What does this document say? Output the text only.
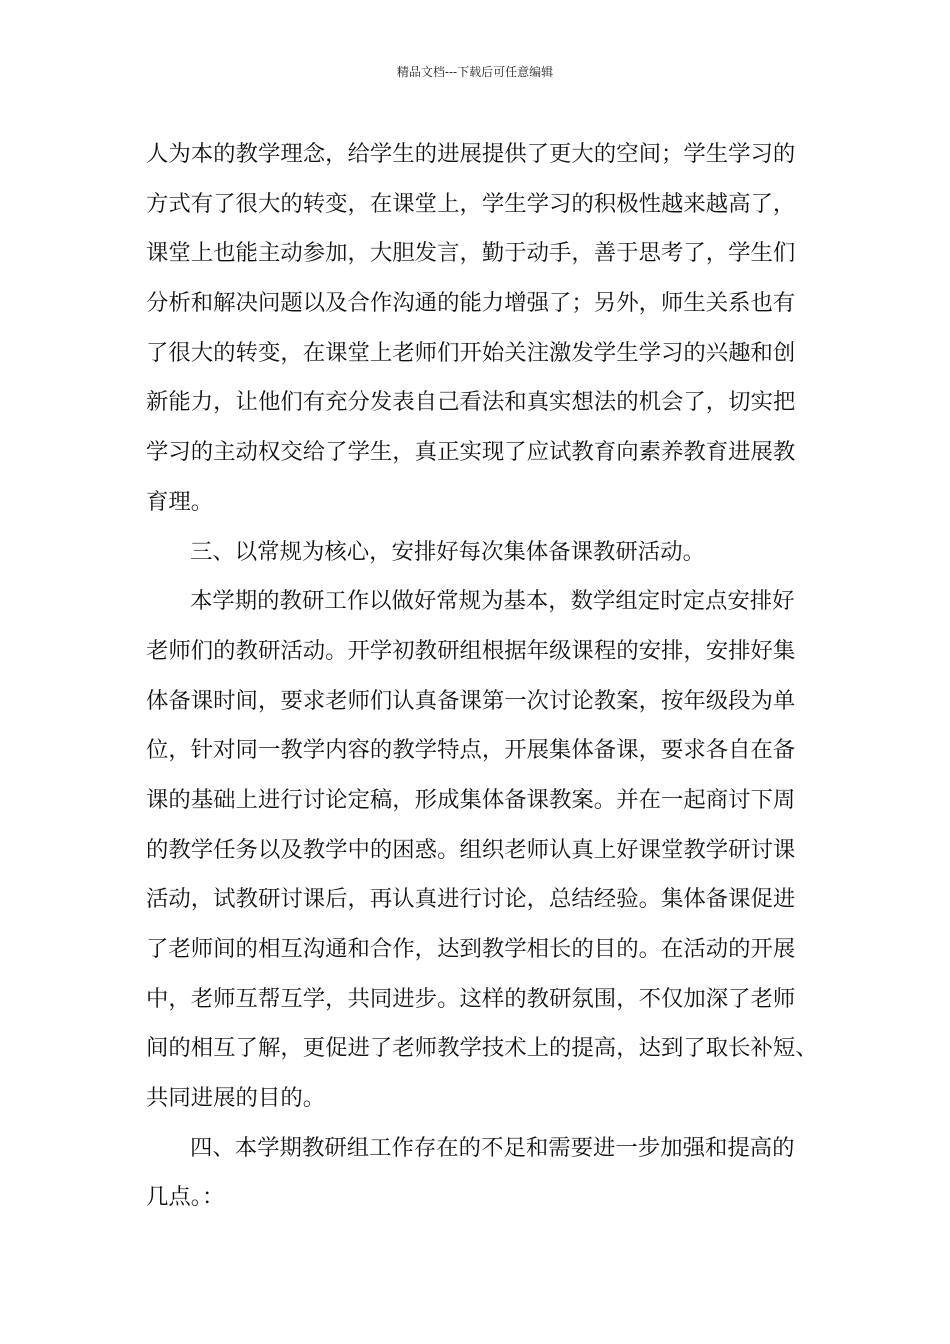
精品文档---下载后可任意编辑
人为本的教学理念，给学生的进展提供了更大的空间；学生学习的
方式有了很大的转变，在课堂上，学生学习的积极性越来越高了，
课堂上也能主动参加，大胆发言，勤于动手，善于思考了，学生们
分析和解决问题以及合作沟通的能力增强了；另外，师生关系也有
了很大的转变，在课堂上老师们开始关注激发学生学习的兴趣和创
新能力，让他们有充分发表自己看法和真实想法的机会了，切实把
学习的主动权交给了学生，真正实现了应试教育向素养教育进展教
育理。
三、以常规为核心，安排好每次集体备课教研活动。
本学期的教研工作以做好常规为基本，数学组定时定点安排好
老师们的教研活动。开学初教研组根据年级课程的安排，安排好集
体备课时间，要求老师们认真备课第一次讨论教案，按年级段为单
位，针对同一教学内容的教学特点，开展集体备课，要求各自在备
课的基础上进行讨论定稿，形成集体备课教案。并在一起商讨下周
的教学任务以及教学中的困惑。组织老师认真上好课堂教学研讨课
活动，试教研讨课后，再认真进行讨论，总结经验。集体备课促进
了老师间的相互沟通和合作，达到教学相长的目的。在活动的开展
中，老师互帮互学，共同进步。这样的教研氛围，不仅加深了老师
间的相互了解，更促进了老师教学技术上的提高，达到了取长补短、
共同进展的目的。
四、本学期教研组工作存在的不足和需要进一步加强和提高的
几点。：
